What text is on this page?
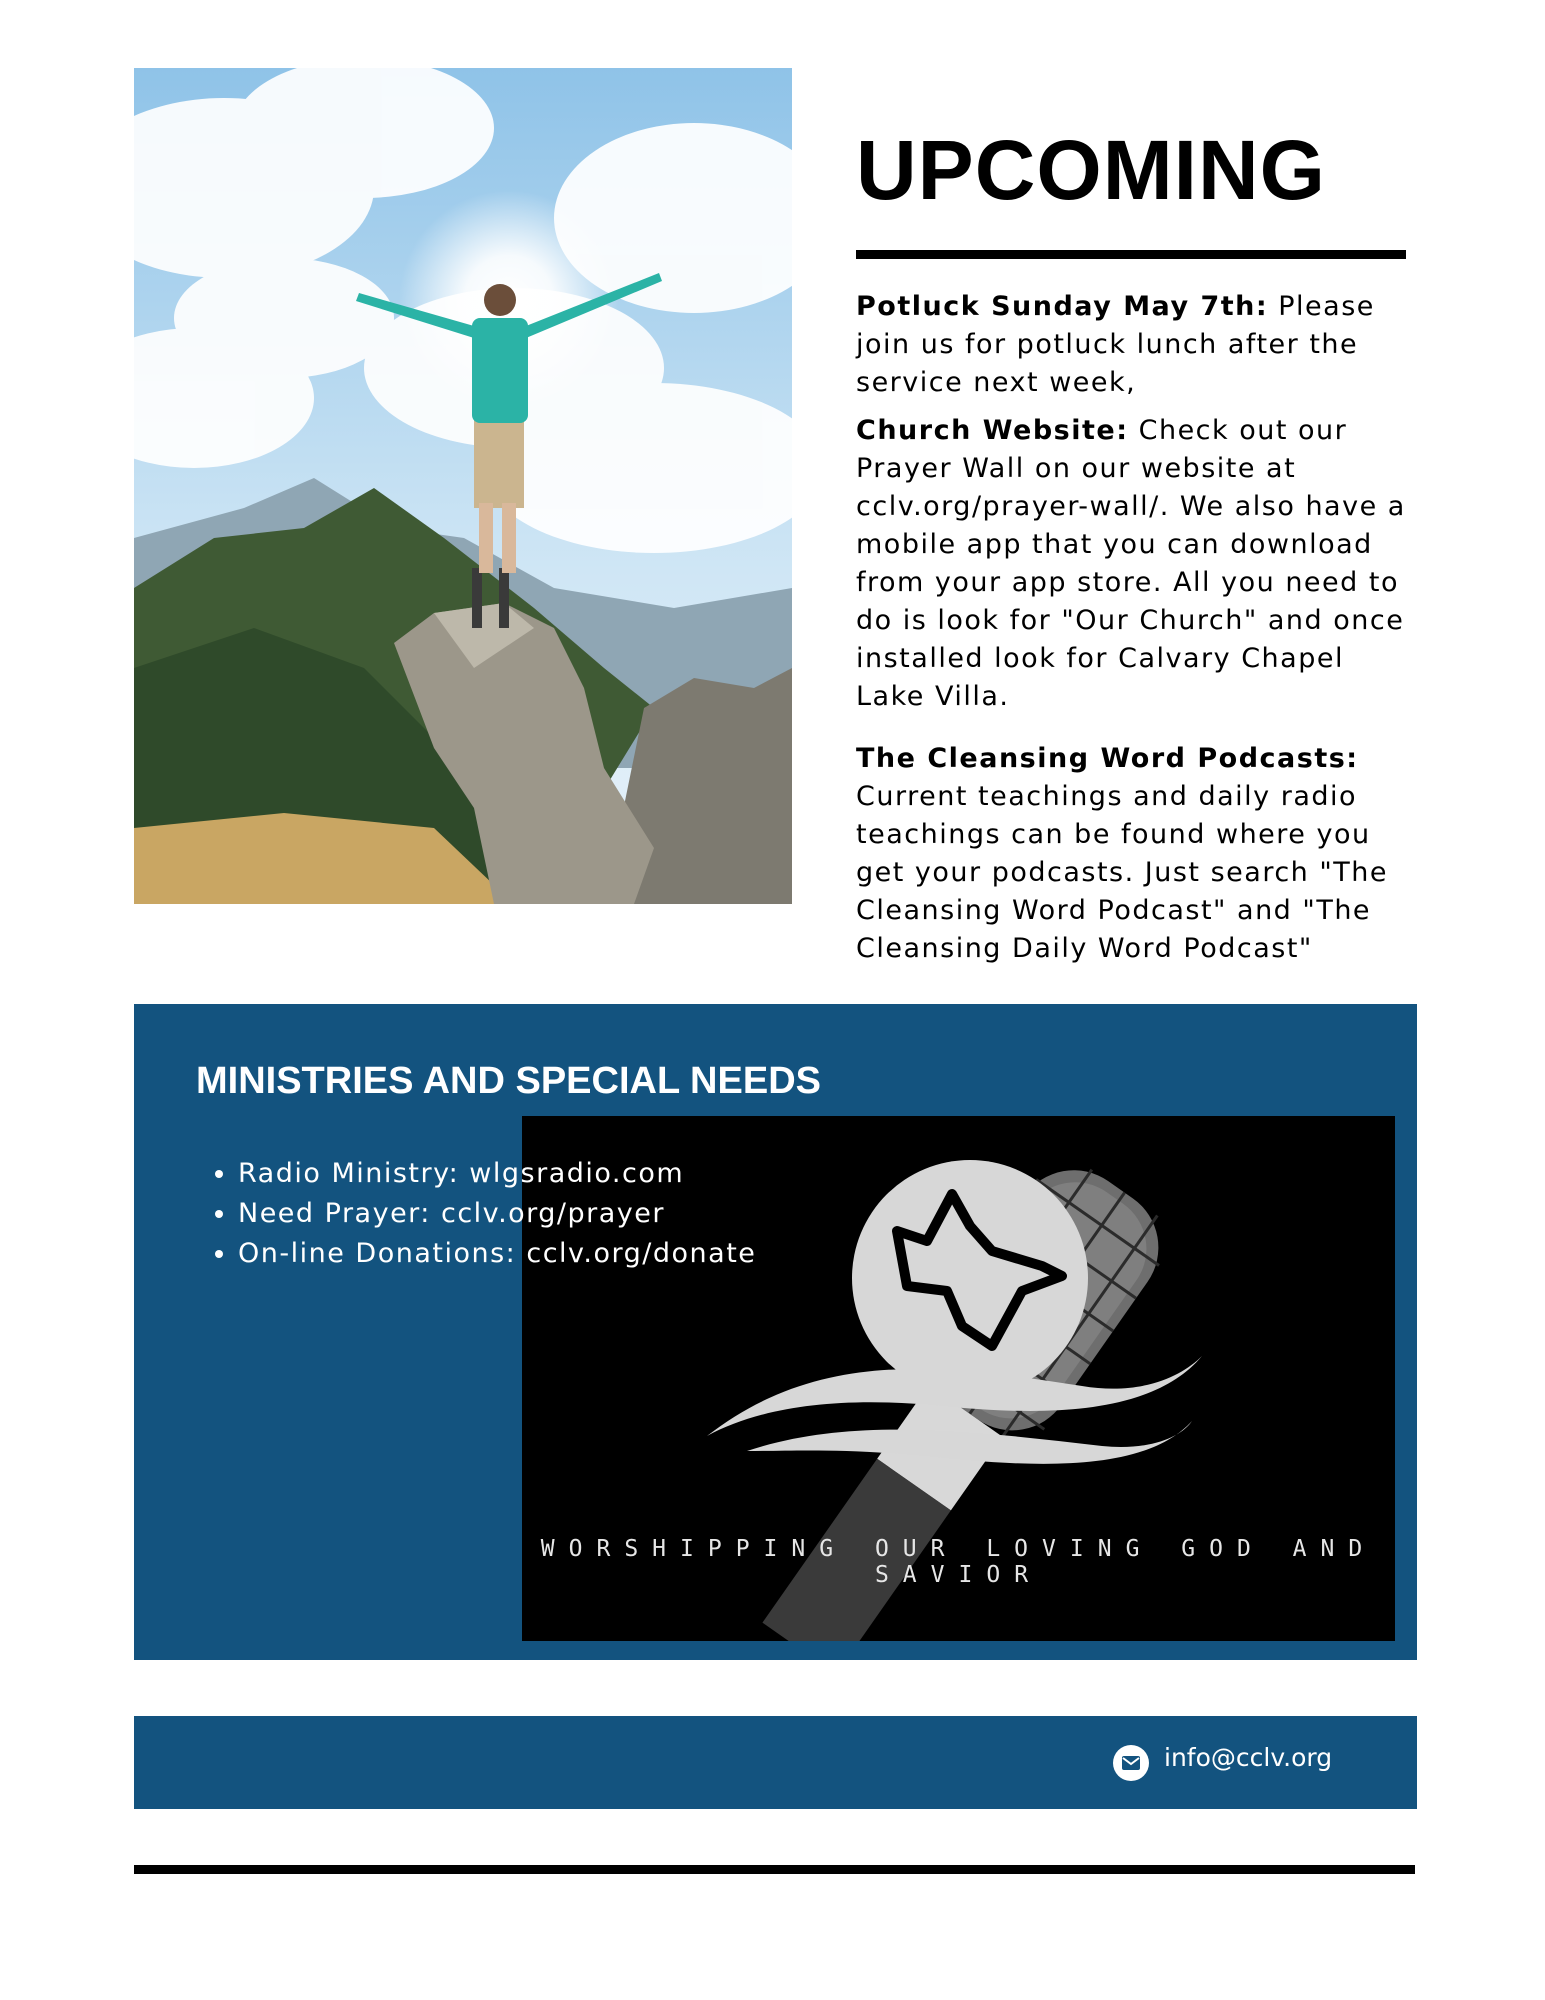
UPCOMING

Potluck Sunday May 7th: Please join us for potluck lunch after the service next week,

Church Website: Check out our Prayer Wall on our website at cclv.org/prayer-wall/. We also have a mobile app that you can download from your app store. All you need to do is look for "Our Church" and once installed look for Calvary Chapel Lake Villa.

The Cleansing Word Podcasts: Current teachings and daily radio teachings can be found where you get your podcasts. Just search "The Cleansing Word Podcast" and "The Cleansing Daily Word Podcast"

MINISTRIES AND SPECIAL NEEDS
WORSHIPPING OUR LOVING GOD AND SAVIOR
• Radio Ministry: wlgsradio.com
• Need Prayer: cclv.org/prayer
• On-line Donations: cclv.org/donate
info@cclv.org
